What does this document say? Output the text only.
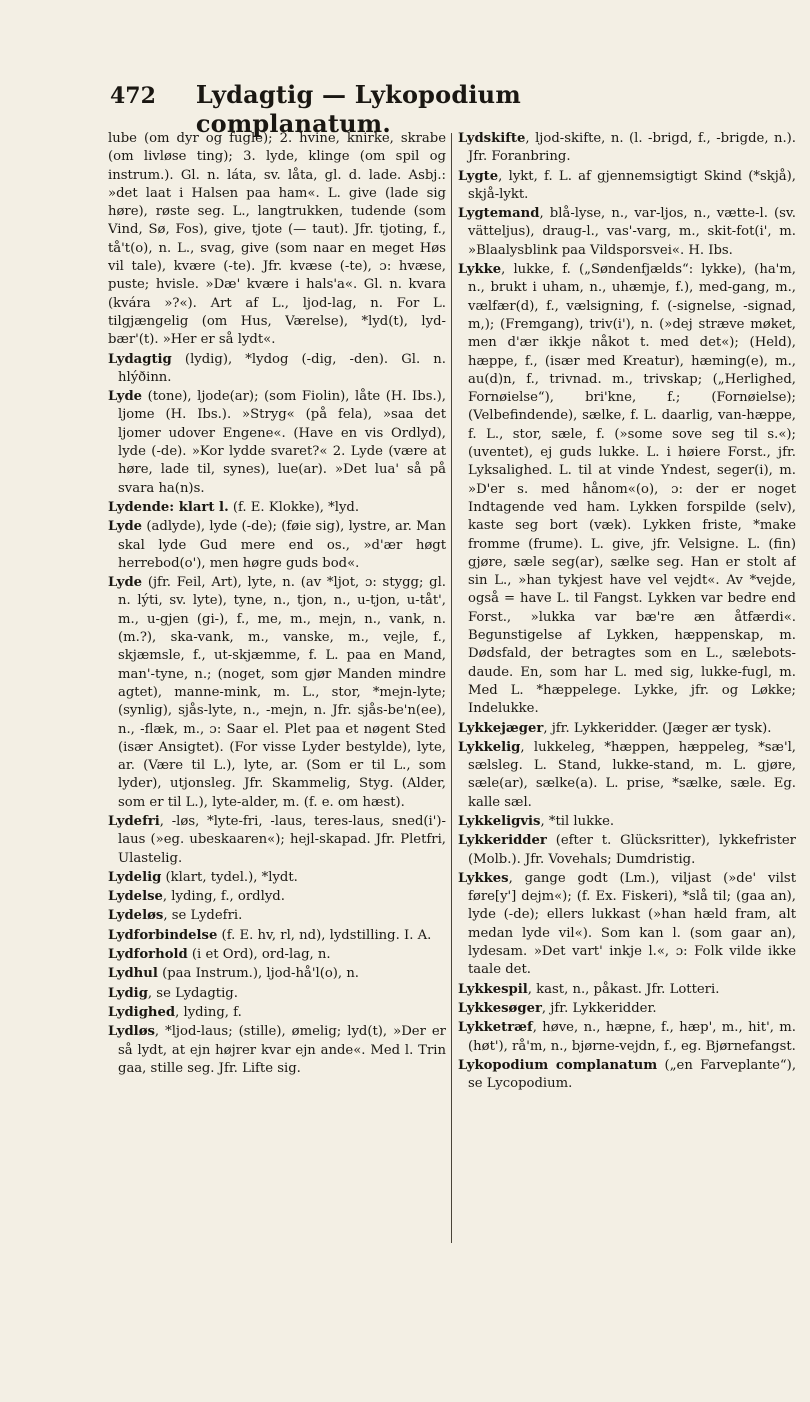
472	Lydagtig — Lykopodium complanatum.

lube (om dyr og fugle); 2. hvine, knirke, skrabe (om livløse ting); 3. lyde, klinge (om spil og instrum.). Gl. n. láta, sv. låta, gl. d. lade. Asbj.: »det laat i Halsen paa ham«. L. give (lade sig høre), røste seg. L., langtrukken, tudende (som Vind, Sø, Fos), give, tjote (— taut). Jfr. tjoting, f., tå't(o), n. L., svag, give (som naar en meget Høs vil tale), kvære (-te). Jfr. kvæse (-te), ɔ: hvæse, puste; hvisle. »Dæ' kvære i hals'a«. Gl. n. kvara (kvára »?«). Art af L., ljod-lag, n. For L. tilgjængelig (om Hus, Værelse), *lyd(t), lyd-bær'(t). »Her er så lydt«.

Lydagtig (lydig), *lydog (-dig, -den). Gl. n. hlýðinn.

Lyde (tone), ljode(ar); (som Fiolin), låte (H. Ibs.), ljome (H. Ibs.). »Stryg« (på fela), »saa det ljomer udover Engene«. (Have en vis Ordlyd), lyde (-de). »Kor lydde svaret?« 2. Lyde (være at høre, lade til, synes), lue(ar). »Det lua' så på svara ha(n)s.

Lydende: klart l. (f. E. Klokke), *lyd.

Lyde (adlyde), lyde (-de); (føie sig), lystre, ar. Man skal lyde Gud mere end os., »d'ær høgt herrebod(o'), men høgre guds bod«.

Lyde (jfr. Feil, Art), lyte, n. (av *ljot, ɔ: stygg; gl. n. lýti, sv. lyte), tyne, n., tjon, n., u-tjon, u-tåt', m., u-gjen (gi-), f., me, m., mejn, n., vank, n. (m.?), ska-vank, m., vanske, m., vejle, f., skjæmsle, f., ut-skjæmme, f. L. paa en Mand, man'-tyne, n.; (noget, som gjør Manden mindre agtet), manne-mink, m. L., stor, *mejn-lyte; (synlig), sjås-lyte, n., -mejn, n. Jfr. sjås-be'n(ee), n., -flæk, m., ɔ: Saar el. Plet paa et nøgent Sted (især Ansigtet). (For visse Lyder bestylde), lyte, ar. (Være til L.), lyte, ar. (Som er til L., som lyder), utjonsleg. Jfr. Skammelig, Styg. (Alder, som er til L.), lyte-alder, m. (f. e. om hæst).

Lydefri, -løs, *lyte-fri, -laus, teres-laus, sned(i')-laus (»eg. ubeskaaren«); hejl-skapad. Jfr. Pletfri, Ulastelig.

Lydelig (klart, tydel.), *lydt.

Lydelse, lyding, f., ordlyd.

Lydeløs, se Lydefri.

Lydforbindelse (f. E. hv, rl, nd), lydstilling. I. A.

Lydforhold (i et Ord), ord-lag, n.

Lydhul (paa Instrum.), ljod-hå'l(o), n.

Lydig, se Lydagtig.

Lydighed, lyding, f.

Lydløs, *ljod-laus; (stille), ømelig; lyd(t), »Der er så lydt, at ejn højrer kvar ejn ande«. Med l. Trin gaa, stille seg. Jfr. Lifte sig.

Lydskifte, ljod-skifte, n. (l. -brigd, f., -brigde, n.). Jfr. Foranbring.

Lygte, lykt, f. L. af gjennemsigtigt Skind (*skjå), skjå-lykt.

Lygtemand, blå-lyse, n., var-ljos, n., vætte-l. (sv. vätteljus), draug-l., vas'-varg, m., skit-fot(i', m. »Blaalysblink paa Vildsporsvei«. H. Ibs.

Lykke, lukke, f. („Søndenfjælds“: lykke), (ha'm, n., brukt i uham, n., uhæmje, f.), med-gang, m., vælfær(d), f., vælsigning, f. (-signelse, -signad, m,); (Fremgang), triv(i'), n. (»dej stræve møket, men d'ær ikkje nåkot t. med det«); (Held), hæppe, f., (især med Kreatur), hæming(e), m., au(d)n, f., trivnad. m., trivskap; („Herlighed, Fornøielse“), bri'kne, f.; (Fornøielse); (Velbefindende), sælke, f. L. daarlig, van-hæppe, f. L., stor, sæle, f. (»some sove seg til s.«); (uventet), ej guds lukke. L. i høiere Forst., jfr. Lyksalighed. L. til at vinde Yndest, seger(i), m. »D'er s. med hånom«(o), ɔ: der er noget Indtagende ved ham. Lykken forspilde (selv), kaste seg bort (væk). Lykken friste, *make fromme (frume). L. give, jfr. Velsigne. L. (fin) gjøre, sæle seg(ar), sælke seg. Han er stolt af sin L., »han tykjest have vel vejdt«. Av *vejde, også = have L. til Fangst. Lykken var bedre end Forst., »lukka var bæ're æn åtfærdi«. Begunstigelse af Lykken, hæppenskap, m. Dødsfald, der betragtes som en L., sælebots-daude. En, som har L. med sig, lukke-fugl, m. Med L. *hæppelege. Lykke, jfr. og Løkke; Indelukke.

Lykkejæger, jfr. Lykkeridder. (Jæger ær tysk).

Lykkelig, lukkeleg, *hæppen, hæppeleg, *sæ'l, sælsleg. L. Stand, lukke-stand, m. L. gjøre, sæle(ar), sælke(a). L. prise, *sælke, sæle. Eg. kalle sæl.

Lykkeligvis, *til lukke.

Lykkeridder (efter t. Glücksritter), lykkefrister (Molb.). Jfr. Vovehals; Dumdristig.

Lykkes, gange godt (Lm.), viljast (»de' vilst føre[y'] dejm«); (f. Ex. Fiskeri), *slå til; (gaa an), lyde (-de); ellers lukkast (»han hæld fram, alt medan lyde vil«). Som kan l. (som gaar an), lydesam. »Det vart' inkje l.«, ɔ: Folk vilde ikke taale det.

Lykkespil, kast, n., påkast. Jfr. Lotteri.

Lykkesøger, jfr. Lykkeridder.

Lykketræf, høve, n., hæpne, f., hæp', m., hit', m. (høt'), rå'm, n., bjørne-vejdn, f., eg. Bjørnefangst.

Lykopodium complanatum („en Farveplante“), se Lycopodium.
